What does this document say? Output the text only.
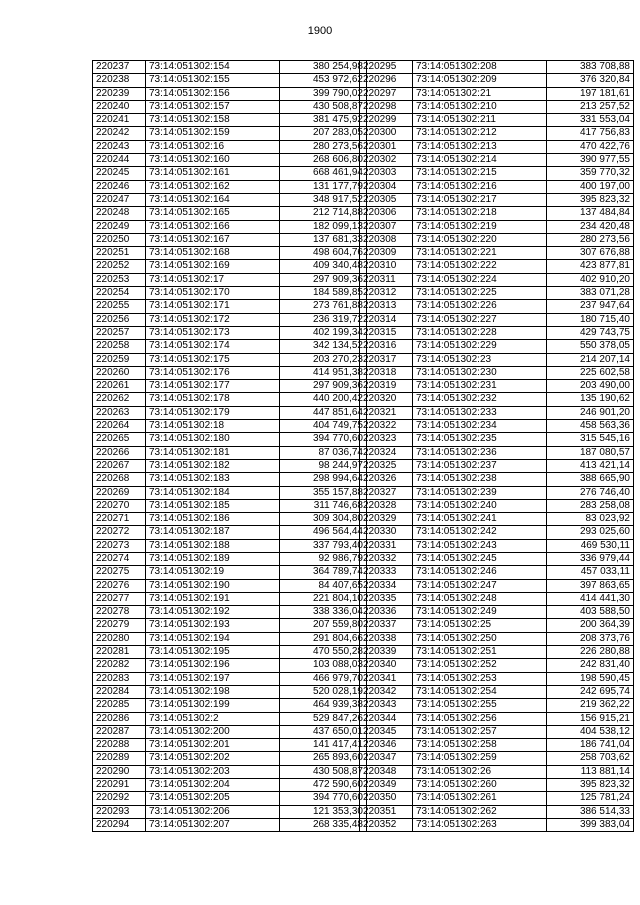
1900
220237	73:14:051302:154	380 254,98
220238	73:14:051302:155	453 972,62
220239	73:14:051302:156	399 790,02
220240	73:14:051302:157	430 508,87
220241	73:14:051302:158	381 475,92
220242	73:14:051302:159	207 283,05
220243	73:14:051302:16	280 273,56
220244	73:14:051302:160	268 606,80
220245	73:14:051302:161	668 461,94
220246	73:14:051302:162	131 177,79
220247	73:14:051302:164	348 917,52
220248	73:14:051302:165	212 714,88
220249	73:14:051302:166	182 099,13
220250	73:14:051302:167	137 681,33
220251	73:14:051302:168	498 604,76
220252	73:14:051302:169	409 340,48
220253	73:14:051302:17	297 909,36
220254	73:14:051302:170	184 589,85
220255	73:14:051302:171	273 761,88
220256	73:14:051302:172	236 319,72
220257	73:14:051302:173	402 199,34
220258	73:14:051302:174	342 134,52
220259	73:14:051302:175	203 270,23
220260	73:14:051302:176	414 951,38
220261	73:14:051302:177	297 909,36
220262	73:14:051302:178	440 200,42
220263	73:14:051302:179	447 851,64
220264	73:14:051302:18	404 749,75
220265	73:14:051302:180	394 770,60
220266	73:14:051302:181	87 036,74
220267	73:14:051302:182	98 244,97
220268	73:14:051302:183	298 994,64
220269	73:14:051302:184	355 157,88
220270	73:14:051302:185	311 746,68
220271	73:14:051302:186	309 304,80
220272	73:14:051302:187	496 564,44
220273	73:14:051302:188	337 793,40
220274	73:14:051302:189	92 986,79
220275	73:14:051302:19	364 789,74
220276	73:14:051302:190	84 407,65
220277	73:14:051302:191	221 804,10
220278	73:14:051302:192	338 336,04
220279	73:14:051302:193	207 559,80
220280	73:14:051302:194	291 804,66
220281	73:14:051302:195	470 550,28
220282	73:14:051302:196	103 088,03
220283	73:14:051302:197	466 979,70
220284	73:14:051302:198	520 028,19
220285	73:14:051302:199	464 939,38
220286	73:14:051302:2	529 847,26
220287	73:14:051302:200	437 650,01
220288	73:14:051302:201	141 417,41
220289	73:14:051302:202	265 893,60
220290	73:14:051302:203	430 508,87
220291	73:14:051302:204	472 590,60
220292	73:14:051302:205	394 770,60
220293	73:14:051302:206	121 353,30
220294	73:14:051302:207	268 335,48
220295	73:14:051302:208	383 708,88
220296	73:14:051302:209	376 320,84
220297	73:14:051302:21	197 181,61
220298	73:14:051302:210	213 257,52
220299	73:14:051302:211	331 553,04
220300	73:14:051302:212	417 756,83
220301	73:14:051302:213	470 422,76
220302	73:14:051302:214	390 977,55
220303	73:14:051302:215	359 770,32
220304	73:14:051302:216	400 197,00
220305	73:14:051302:217	395 823,32
220306	73:14:051302:218	137 484,84
220307	73:14:051302:219	234 420,48
220308	73:14:051302:220	280 273,56
220309	73:14:051302:221	307 676,88
220310	73:14:051302:222	423 877,81
220311	73:14:051302:224	402 910,20
220312	73:14:051302:225	383 071,28
220313	73:14:051302:226	237 947,64
220314	73:14:051302:227	180 715,40
220315	73:14:051302:228	429 743,75
220316	73:14:051302:229	550 378,05
220317	73:14:051302:23	214 207,14
220318	73:14:051302:230	225 602,58
220319	73:14:051302:231	203 490,00
220320	73:14:051302:232	135 190,62
220321	73:14:051302:233	246 901,20
220322	73:14:051302:234	458 563,36
220323	73:14:051302:235	315 545,16
220324	73:14:051302:236	187 080,57
220325	73:14:051302:237	413 421,14
220326	73:14:051302:238	388 665,90
220327	73:14:051302:239	276 746,40
220328	73:14:051302:240	283 258,08
220329	73:14:051302:241	83 023,92
220330	73:14:051302:242	293 025,60
220331	73:14:051302:243	469 530,11
220332	73:14:051302:245	336 979,44
220333	73:14:051302:246	457 033,11
220334	73:14:051302:247	397 863,65
220335	73:14:051302:248	414 441,30
220336	73:14:051302:249	403 588,50
220337	73:14:051302:25	200 364,39
220338	73:14:051302:250	208 373,76
220339	73:14:051302:251	226 280,88
220340	73:14:051302:252	242 831,40
220341	73:14:051302:253	198 590,45
220342	73:14:051302:254	242 695,74
220343	73:14:051302:255	219 362,22
220344	73:14:051302:256	156 915,21
220345	73:14:051302:257	404 538,12
220346	73:14:051302:258	186 741,04
220347	73:14:051302:259	258 703,62
220348	73:14:051302:26	113 881,14
220349	73:14:051302:260	395 823,32
220350	73:14:051302:261	125 781,24
220351	73:14:051302:262	386 514,33
220352	73:14:051302:263	399 383,04
